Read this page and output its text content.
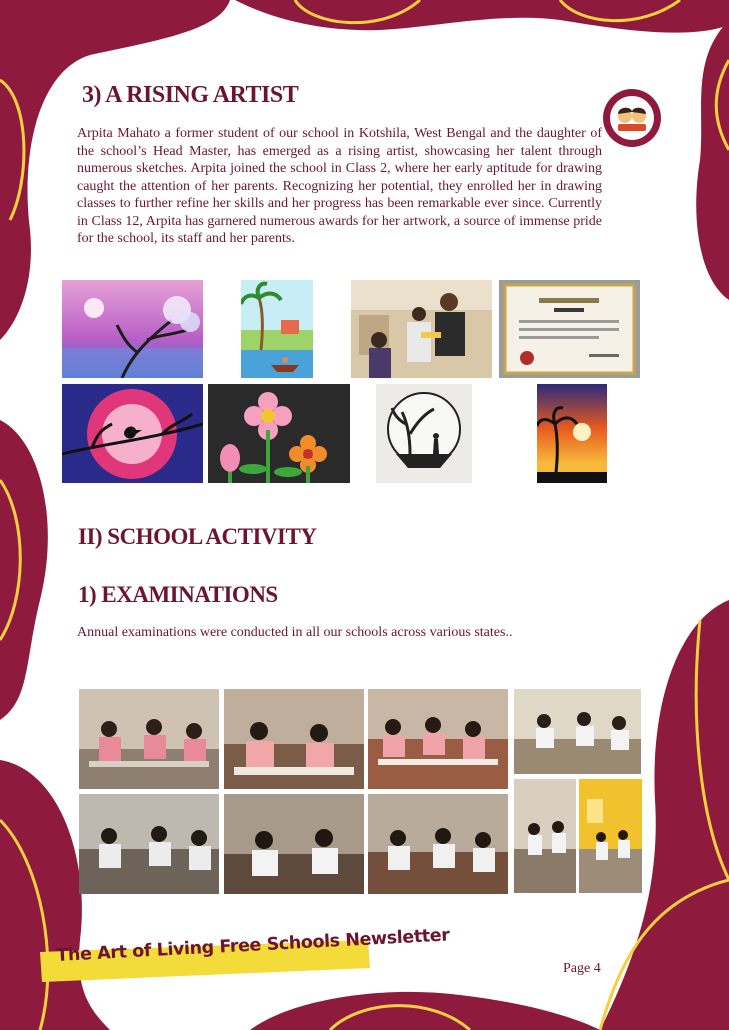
3) A RISING ARTIST

Arpita Mahato a former student of our school in Kotshila, West Bengal and the daughter of the school’s Head Master, has emerged as a rising artist, showcasing her talent through numerous sketches. Arpita joined the school in Class 2, where her early aptitude for drawing caught the attention of her parents. Recognizing her potential, they enrolled her in drawing classes to further refine her skills and her progress has been remarkable ever since. Currently in Class 12, Arpita has garnered numerous awards for her artwork, a source of immense pride for the school, its staff and her parents.

II) SCHOOL ACTIVITY
1) EXAMINATIONS

Annual examinations were conducted in all our schools across various states..

The Art of Living Free Schools Newsletter
Page 4
